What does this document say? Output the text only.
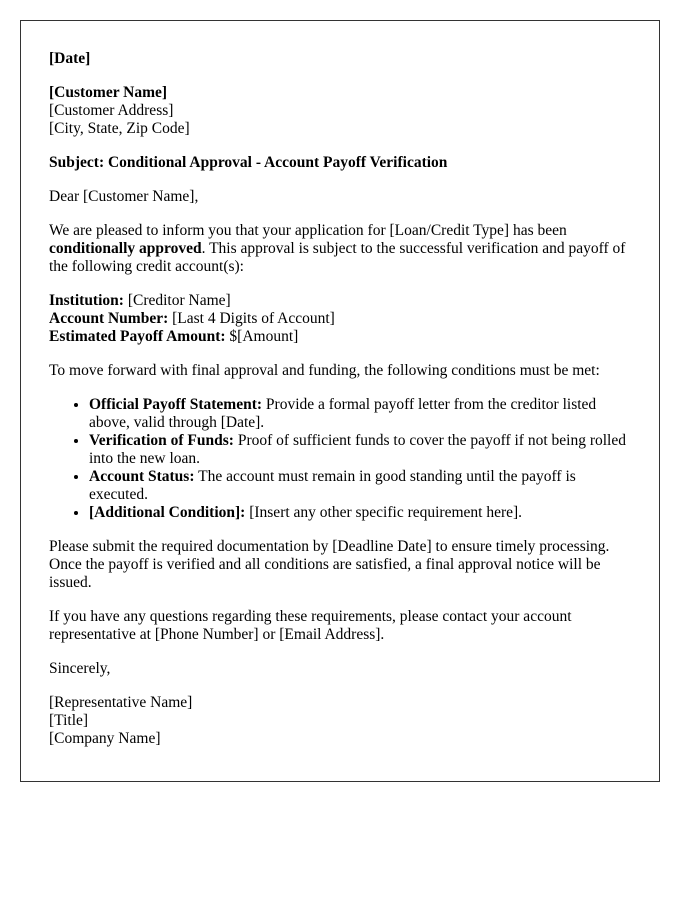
[Date]
[Customer Name]
[Customer Address]
[City, State, Zip Code]
Subject: Conditional Approval - Account Payoff Verification

Dear [Customer Name],

We are pleased to inform you that your application for [Loan/Credit Type] has been conditionally approved. This approval is subject to the successful verification and payoff of the following credit account(s):

Institution: [Creditor Name]
Account Number: [Last 4 Digits of Account]
Estimated Payoff Amount: $[Amount]

To move forward with final approval and funding, the following conditions must be met:

• Official Payoff Statement: Provide a formal payoff letter from the creditor listed above, valid through [Date].
• Verification of Funds: Proof of sufficient funds to cover the payoff if not being rolled into the new loan.
• Account Status: The account must remain in good standing until the payoff is executed.
• [Additional Condition]: [Insert any other specific requirement here].

Please submit the required documentation by [Deadline Date] to ensure timely processing. Once the payoff is verified and all conditions are satisfied, a final approval notice will be issued.

If you have any questions regarding these requirements, please contact your account representative at [Phone Number] or [Email Address].

Sincerely,

[Representative Name]
[Title]
[Company Name]
